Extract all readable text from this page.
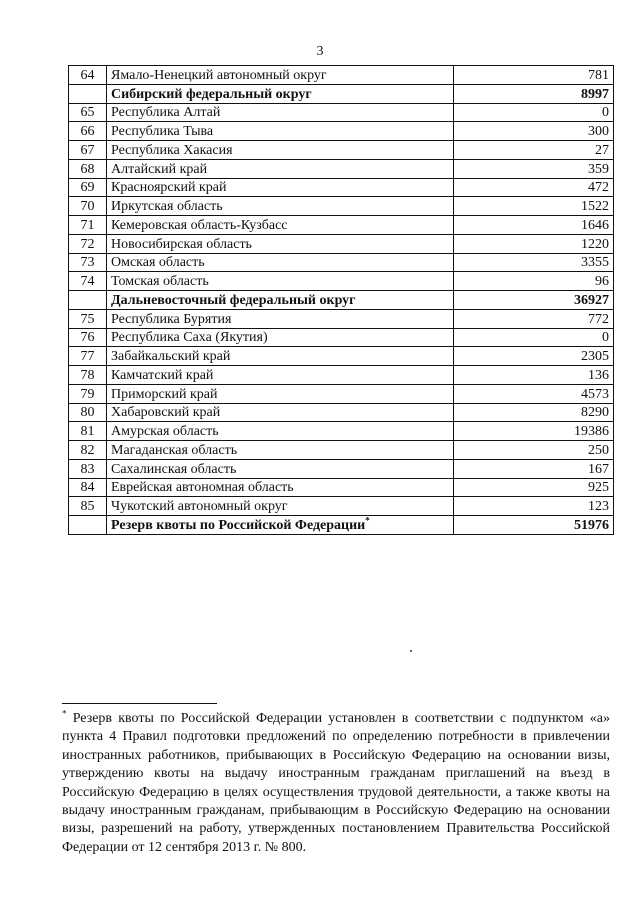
3
64	Ямало-Ненецкий автономный округ	781
	Сибирский федеральный округ	8997
65	Республика Алтай	0
66	Республика Тыва	300
67	Республика Хакасия	27
68	Алтайский край	359
69	Красноярский край	472
70	Иркутская область	1522
71	Кемеровская область-Кузбасс	1646
72	Новосибирская область	1220
73	Омская область	3355
74	Томская область	96
	Дальневосточный федеральный округ	36927
75	Республика Бурятия	772
76	Республика Саха (Якутия)	0
77	Забайкальский край	2305
78	Камчатский край	136
79	Приморский край	4573
80	Хабаровский край	8290
81	Амурская область	19386
82	Магаданская область	250
83	Сахалинская область	167
84	Еврейская автономная область	925
85	Чукотский автономный округ	123
	Резерв квоты по Российской Федерации*	51976
* Резерв квоты по Российской Федерации установлен в соответствии с подпунктом «а» пункта 4 Правил подготовки предложений по определению потребности в привлечении иностранных работников, прибывающих в Российскую Федерацию на основании визы, утверждению квоты на выдачу иностранным гражданам приглашений на въезд в Российскую Федерацию в целях осуществления трудовой деятельности, а также квоты на выдачу иностранным гражданам, прибывающим в Российскую Федерацию на основании визы, разрешений на работу, утвержденных постановлением Правительства Российской Федерации от 12 сентября 2013 г. № 800.
